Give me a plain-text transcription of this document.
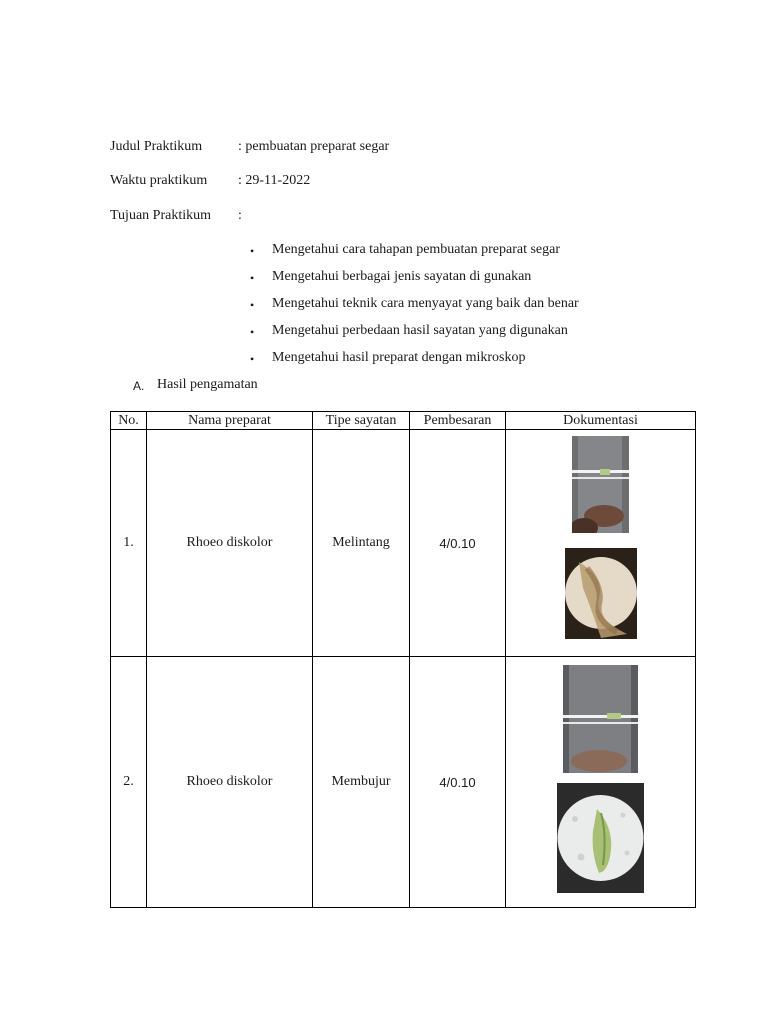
Judul Praktikum	: pembuatan preparat segar
Waktu praktikum	: 29-11-2022
Tujuan Praktikum	:
•	Mengetahui cara tahapan pembuatan preparat segar
•	Mengetahui berbagai jenis sayatan di gunakan
•	Mengetahui teknik cara menyayat yang baik dan benar
•	Mengetahui perbedaan hasil sayatan yang digunakan
•	Mengetahui hasil preparat dengan mikroskop
A. Hasil pengamatan
No.	Nama preparat	Tipe sayatan	Pembesaran	Dokumentasi
1.	Rhoeo diskolor	Melintang	4/0.10	

2.	Rhoeo diskolor	Membujur	4/0.10	
